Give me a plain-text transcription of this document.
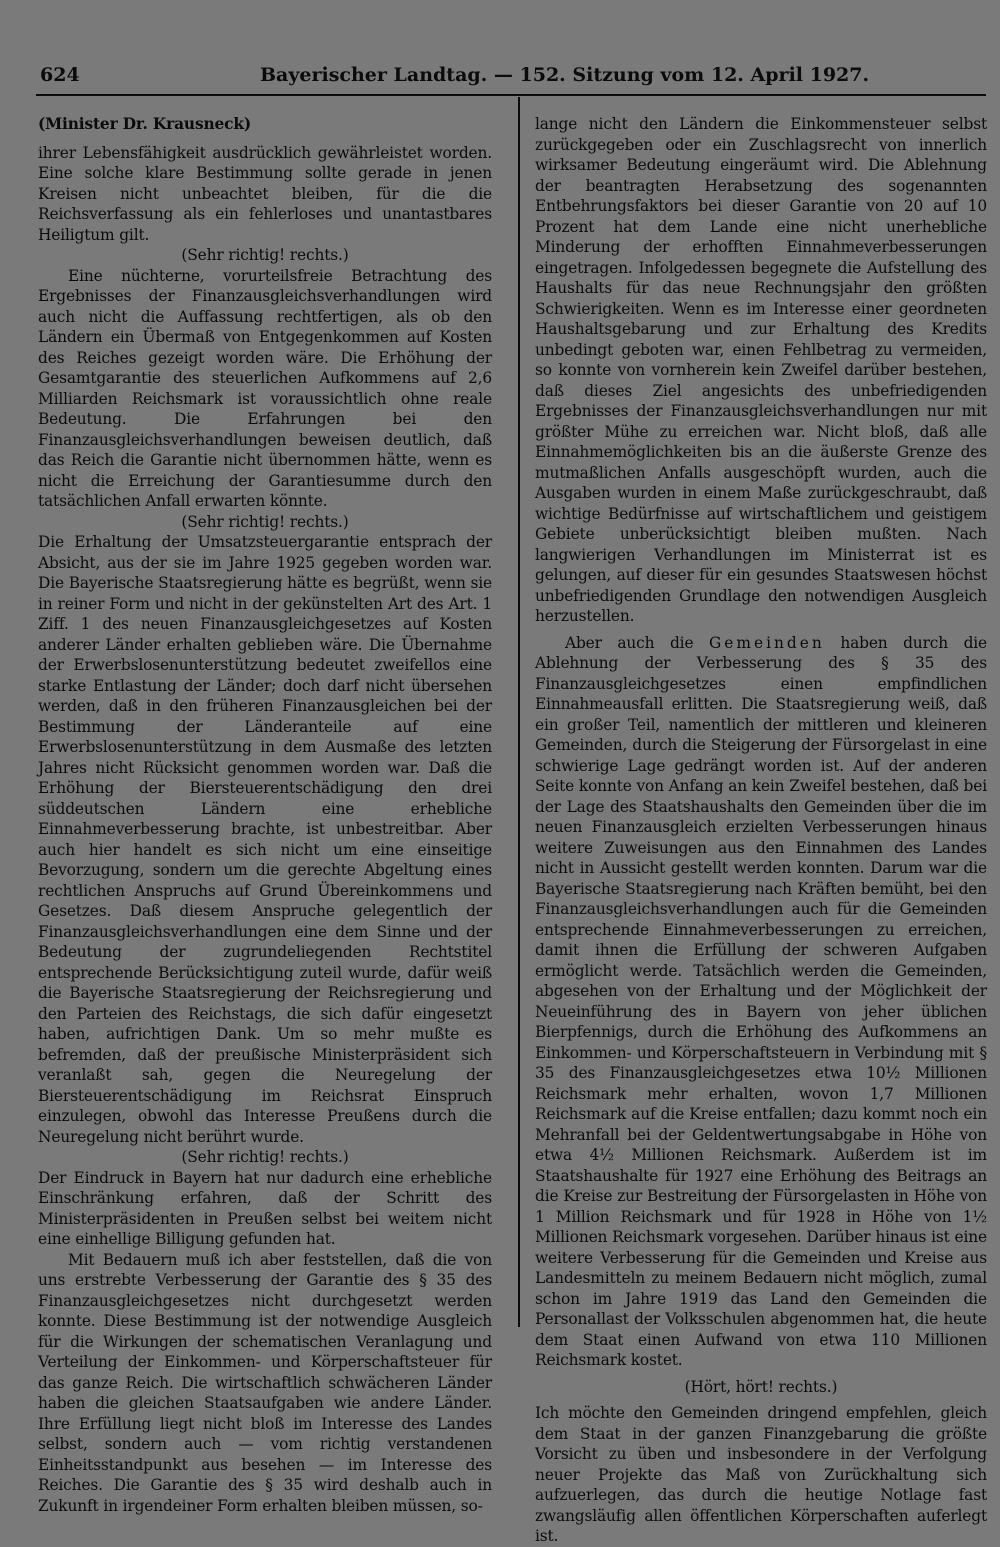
624	Bayerischer Landtag. — 152. Sitzung vom 12. April 1927.

(Minister Dr. Krausneck)

ihrer Lebensfähigkeit ausdrücklich gewährleistet worden. Eine solche klare Bestimmung sollte gerade in jenen Kreisen nicht unbeachtet bleiben, für die die Reichsverfassung als ein fehlerloses und unantastbares Heiligtum gilt.

(Sehr richtig! rechts.)

Eine nüchterne, vorurteilsfreie Betrachtung des Ergebnisses der Finanzausgleichsverhandlungen wird auch nicht die Auffassung rechtfertigen, als ob den Ländern ein Übermaß von Entgegenkommen auf Kosten des Reiches gezeigt worden wäre. Die Erhöhung der Gesamtgarantie des steuerlichen Aufkommens auf 2,6 Milliarden Reichsmark ist voraussichtlich ohne reale Bedeutung. Die Erfahrungen bei den Finanzausgleichsverhandlungen beweisen deutlich, daß das Reich die Garantie nicht übernommen hätte, wenn es nicht die Erreichung der Garantiesumme durch den tatsächlichen Anfall erwarten könnte.

(Sehr richtig! rechts.)

Die Erhaltung der Umsatzsteuergarantie entsprach der Absicht, aus der sie im Jahre 1925 gegeben worden war. Die Bayerische Staatsregierung hätte es begrüßt, wenn sie in reiner Form und nicht in der gekünstelten Art des Art. 1 Ziff. 1 des neuen Finanzausgleichgesetzes auf Kosten anderer Länder erhalten geblieben wäre. Die Übernahme der Erwerbslosenunterstützung bedeutet zweifellos eine starke Entlastung der Länder; doch darf nicht übersehen werden, daß in den früheren Finanzausgleichen bei der Bestimmung der Länderanteile auf eine Erwerbslosenunterstützung in dem Ausmaße des letzten Jahres nicht Rücksicht genommen worden war. Daß die Erhöhung der Biersteuerentschädigung den drei süddeutschen Ländern eine erhebliche Einnahmeverbesserung brachte, ist unbestreitbar. Aber auch hier handelt es sich nicht um eine einseitige Bevorzugung, sondern um die gerechte Abgeltung eines rechtlichen Anspruchs auf Grund Übereinkommens und Gesetzes. Daß diesem Anspruche gelegentlich der Finanzausgleichsverhandlungen eine dem Sinne und der Bedeutung der zugrundeliegenden Rechtstitel entsprechende Berücksichtigung zuteil wurde, dafür weiß die Bayerische Staatsregierung der Reichsregierung und den Parteien des Reichstags, die sich dafür eingesetzt haben, aufrichtigen Dank. Um so mehr mußte es befremden, daß der preußische Ministerpräsident sich veranlaßt sah, gegen die Neuregelung der Biersteuerentschädigung im Reichsrat Einspruch einzulegen, obwohl das Interesse Preußens durch die Neuregelung nicht berührt wurde.

(Sehr richtig! rechts.)

Der Eindruck in Bayern hat nur dadurch eine erhebliche Einschränkung erfahren, daß der Schritt des Ministerpräsidenten in Preußen selbst bei weitem nicht eine einhellige Billigung gefunden hat.

Mit Bedauern muß ich aber feststellen, daß die von uns erstrebte Verbesserung der Garantie des § 35 des Finanzausgleichgesetzes nicht durchgesetzt werden konnte. Diese Bestimmung ist der notwendige Ausgleich für die Wirkungen der schematischen Veranlagung und Verteilung der Einkommen- und Körperschaftsteuer für das ganze Reich. Die wirtschaftlich schwächeren Länder haben die gleichen Staatsaufgaben wie andere Länder. Ihre Erfüllung liegt nicht bloß im Interesse des Landes selbst, sondern auch — vom richtig verstandenen Einheitsstandpunkt aus besehen — im Interesse des Reiches. Die Garantie des § 35 wird deshalb auch in Zukunft in irgendeiner Form erhalten bleiben müssen, so-

lange nicht den Ländern die Einkommensteuer selbst zurückgegeben oder ein Zuschlagsrecht von innerlich wirksamer Bedeutung eingeräumt wird. Die Ablehnung der beantragten Herabsetzung des sogenannten Entbehrungsfaktors bei dieser Garantie von 20 auf 10 Prozent hat dem Lande eine nicht unerhebliche Minderung der erhofften Einnahmeverbesserungen eingetragen. Infolgedessen begegnete die Aufstellung des Haushalts für das neue Rechnungsjahr den größten Schwierigkeiten. Wenn es im Interesse einer geordneten Haushaltsgebarung und zur Erhaltung des Kredits unbedingt geboten war, einen Fehlbetrag zu vermeiden, so konnte von vornherein kein Zweifel darüber bestehen, daß dieses Ziel angesichts des unbefriedigenden Ergebnisses der Finanzausgleichsverhandlungen nur mit größter Mühe zu erreichen war. Nicht bloß, daß alle Einnahmemöglichkeiten bis an die äußerste Grenze des mutmaßlichen Anfalls ausgeschöpft wurden, auch die Ausgaben wurden in einem Maße zurückgeschraubt, daß wichtige Bedürfnisse auf wirtschaftlichem und geistigem Gebiete unberücksichtigt bleiben mußten. Nach langwierigen Verhandlungen im Ministerrat ist es gelungen, auf dieser für ein gesundes Staatswesen höchst unbefriedigenden Grundlage den notwendigen Ausgleich herzustellen.

Aber auch die Gemeinden haben durch die Ablehnung der Verbesserung des § 35 des Finanzausgleichgesetzes einen empfindlichen Einnahmeausfall erlitten. Die Staatsregierung weiß, daß ein großer Teil, namentlich der mittleren und kleineren Gemeinden, durch die Steigerung der Fürsorgelast in eine schwierige Lage gedrängt worden ist. Auf der anderen Seite konnte von Anfang an kein Zweifel bestehen, daß bei der Lage des Staatshaushalts den Gemeinden über die im neuen Finanzausgleich erzielten Verbesserungen hinaus weitere Zuweisungen aus den Einnahmen des Landes nicht in Aussicht gestellt werden konnten. Darum war die Bayerische Staatsregierung nach Kräften bemüht, bei den Finanzausgleichsverhandlungen auch für die Gemeinden entsprechende Einnahmeverbesserungen zu erreichen, damit ihnen die Erfüllung der schweren Aufgaben ermöglicht werde. Tatsächlich werden die Gemeinden, abgesehen von der Erhaltung und der Möglichkeit der Neueinführung des in Bayern von jeher üblichen Bierpfennigs, durch die Erhöhung des Aufkommens an Einkommen- und Körperschaftsteuern in Verbindung mit § 35 des Finanzausgleichgesetzes etwa 10½ Millionen Reichsmark mehr erhalten, wovon 1,7 Millionen Reichsmark auf die Kreise entfallen; dazu kommt noch ein Mehranfall bei der Geldentwertungsabgabe in Höhe von etwa 4½ Millionen Reichsmark. Außerdem ist im Staatshaushalte für 1927 eine Erhöhung des Beitrags an die Kreise zur Bestreitung der Fürsorgelasten in Höhe von 1 Million Reichsmark und für 1928 in Höhe von 1½ Millionen Reichsmark vorgesehen. Darüber hinaus ist eine weitere Verbesserung für die Gemeinden und Kreise aus Landesmitteln zu meinem Bedauern nicht möglich, zumal schon im Jahre 1919 das Land den Gemeinden die Personallast der Volksschulen abgenommen hat, die heute dem Staat einen Aufwand von etwa 110 Millionen Reichsmark kostet.

(Hört, hört! rechts.)

Ich möchte den Gemeinden dringend empfehlen, gleich dem Staat in der ganzen Finanzgebarung die größte Vorsicht zu üben und insbesondere in der Verfolgung neuer Projekte das Maß von Zurückhaltung sich aufzuerlegen, das durch die heutige Notlage fast zwangsläufig allen öffentlichen Körperschaften auferlegt ist.
